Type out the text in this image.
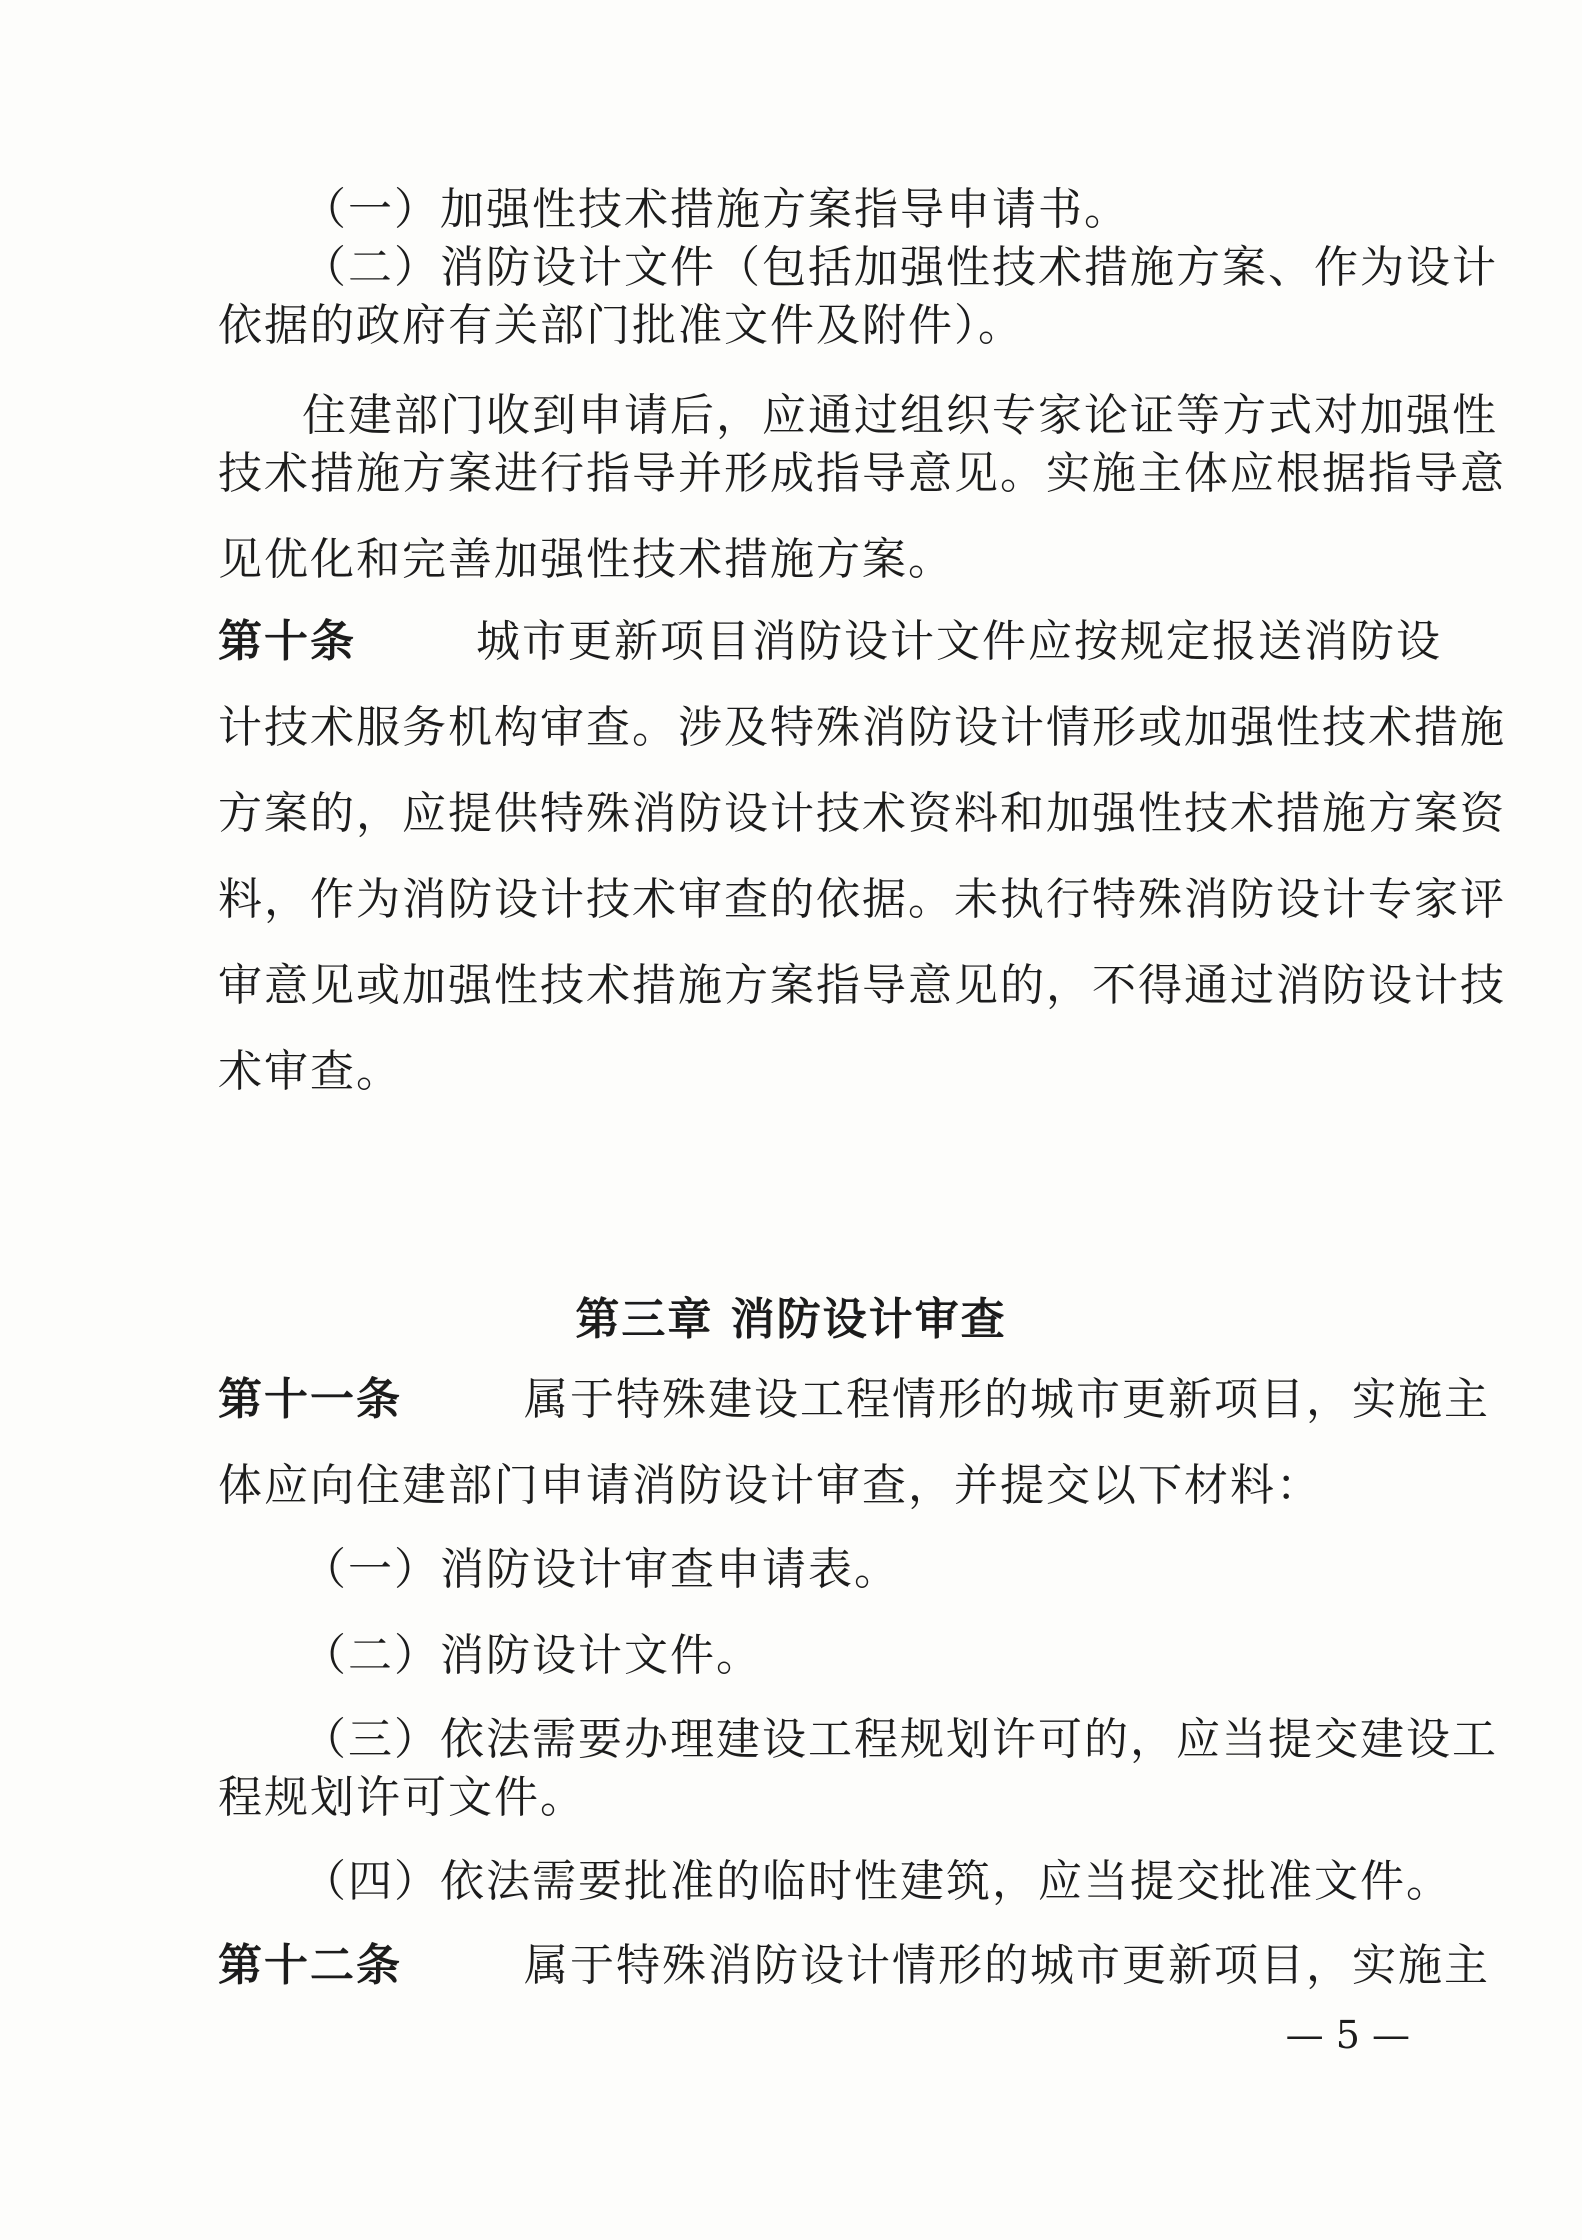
（一）加强性技术措施方案指导申请书。
（二）消防设计文件（包括加强性技术措施方案、作为设计
依据的政府有关部门批准文件及附件）。
住建部门收到申请后，应通过组织专家论证等方式对加强性
技术措施方案进行指导并形成指导意见。实施主体应根据指导意
见优化和完善加强性技术措施方案。
第十条	城市更新项目消防设计文件应按规定报送消防设
计技术服务机构审查。涉及特殊消防设计情形或加强性技术措施
方案的，应提供特殊消防设计技术资料和加强性技术措施方案资
料，作为消防设计技术审查的依据。未执行特殊消防设计专家评
审意见或加强性技术措施方案指导意见的，不得通过消防设计技
术审查。
第三章 消防设计审查
第十一条	属于特殊建设工程情形的城市更新项目，实施主
体应向住建部门申请消防设计审查，并提交以下材料：
（一）消防设计审查申请表。
（二）消防设计文件。
（三）依法需要办理建设工程规划许可的，应当提交建设工
程规划许可文件。
（四）依法需要批准的临时性建筑，应当提交批准文件。
第十二条	属于特殊消防设计情形的城市更新项目，实施主
— 5 —
